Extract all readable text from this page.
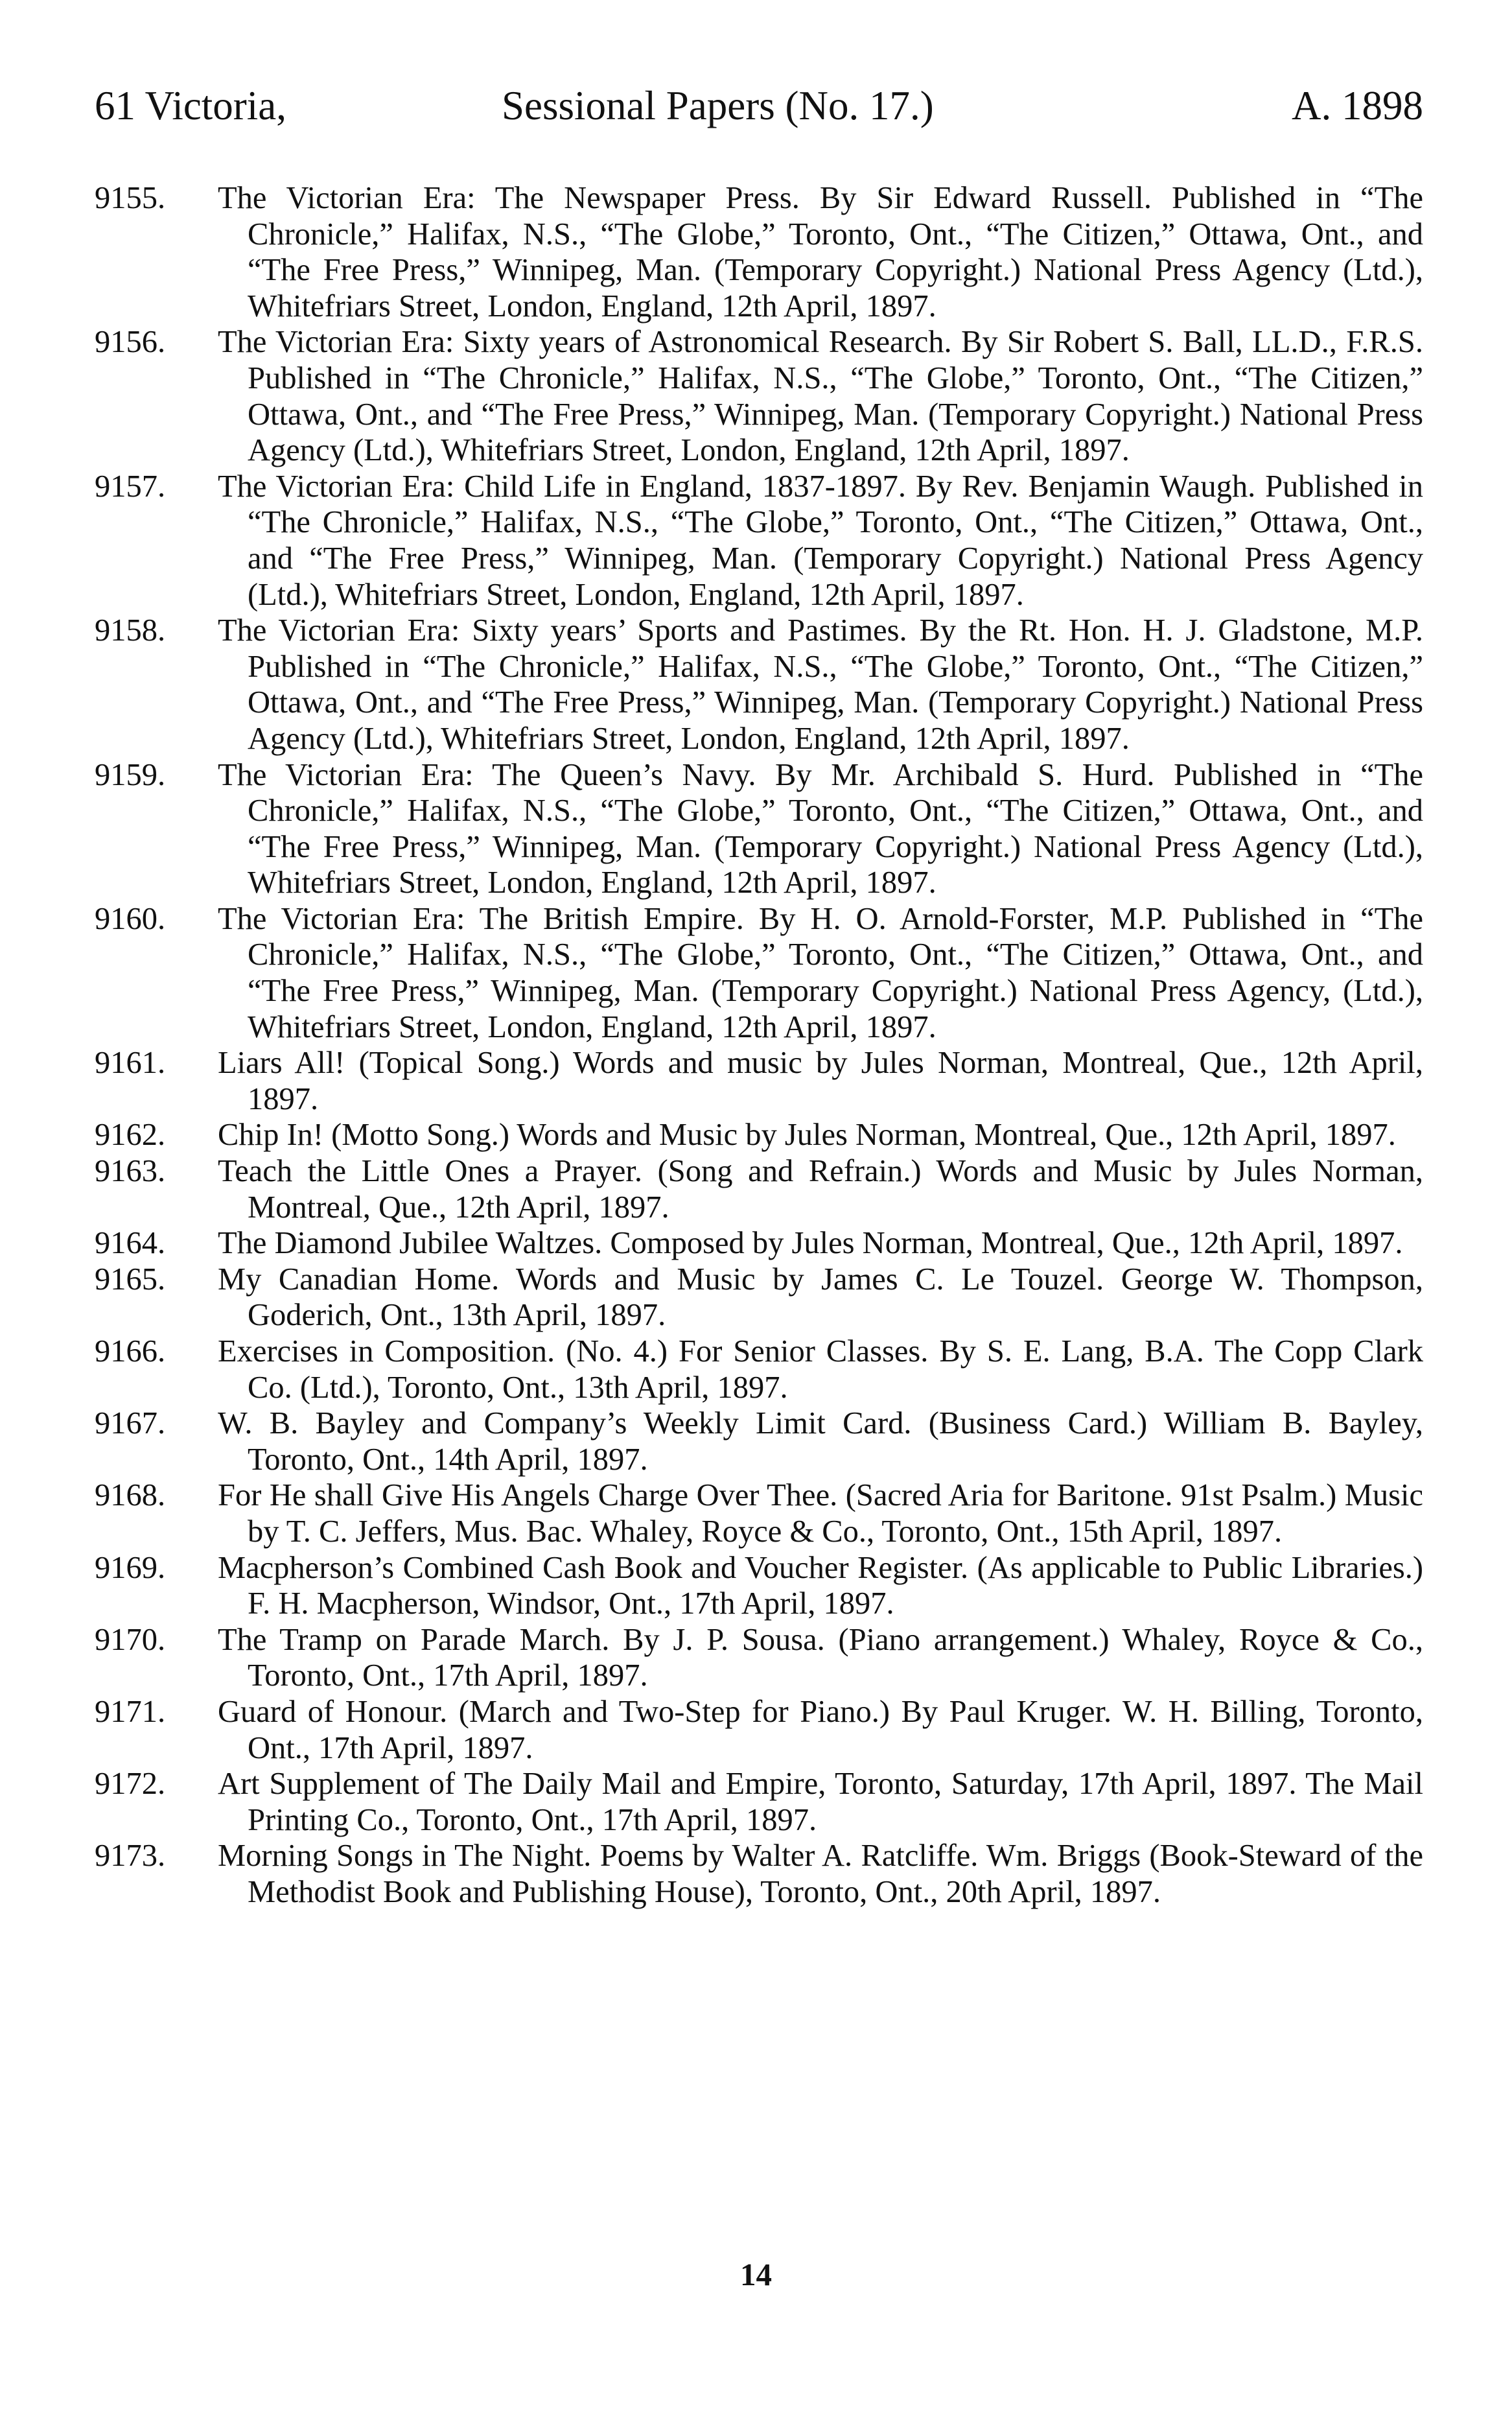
61 Victoria,	Sessional Papers (No. 17.)	A. 1898
9155.	The Victorian Era: The Newspaper Press. By Sir Edward Russell. Published in “The Chronicle,” Halifax, N.S., “The Globe,” Toronto, Ont., “The Citizen,” Ottawa, Ont., and “The Free Press,” Winnipeg, Man. (Temporary Copyright.) National Press Agency (Ltd.), Whitefriars Street, London, England, 12th April, 1897.
9156.	The Victorian Era: Sixty years of Astronomical Research. By Sir Robert S. Ball, LL.D., F.R.S. Published in “The Chronicle,” Halifax, N.S., “The Globe,” Toronto, Ont., “The Citizen,” Ottawa, Ont., and “The Free Press,” Winnipeg, Man. (Temporary Copyright.) National Press Agency (Ltd.), Whitefriars Street, London, England, 12th April, 1897.
9157.	The Victorian Era: Child Life in England, 1837-1897. By Rev. Benjamin Waugh. Published in “The Chronicle,” Halifax, N.S., “The Globe,” Toronto, Ont., “The Citizen,” Ottawa, Ont., and “The Free Press,” Winnipeg, Man. (Temporary Copyright.) National Press Agency (Ltd.), Whitefriars Street, London, England, 12th April, 1897.
9158.	The Victorian Era: Sixty years’ Sports and Pastimes. By the Rt. Hon. H. J. Gladstone, M.P. Published in “The Chronicle,” Halifax, N.S., “The Globe,” Toronto, Ont., “The Citizen,” Ottawa, Ont., and “The Free Press,” Winnipeg, Man. (Temporary Copyright.) National Press Agency (Ltd.), Whitefriars Street, London, England, 12th April, 1897.
9159.	The Victorian Era: The Queen’s Navy. By Mr. Archibald S. Hurd. Published in “The Chronicle,” Halifax, N.S., “The Globe,” Toronto, Ont., “The Citizen,” Ottawa, Ont., and “The Free Press,” Winnipeg, Man. (Temporary Copyright.) National Press Agency (Ltd.), Whitefriars Street, London, England, 12th April, 1897.
9160.	The Victorian Era: The British Empire. By H. O. Arnold-Forster, M.P. Published in “The Chronicle,” Halifax, N.S., “The Globe,” Toronto, Ont., “The Citizen,” Ottawa, Ont., and “The Free Press,” Winnipeg, Man. (Temporary Copyright.) National Press Agency, (Ltd.), Whitefriars Street, London, England, 12th April, 1897.
9161.	Liars All! (Topical Song.) Words and music by Jules Norman, Montreal, Que., 12th April, 1897.
9162.	Chip In! (Motto Song.) Words and Music by Jules Norman, Montreal, Que., 12th April, 1897.
9163.	Teach the Little Ones a Prayer. (Song and Refrain.) Words and Music by Jules Norman, Montreal, Que., 12th April, 1897.
9164.	The Diamond Jubilee Waltzes. Composed by Jules Norman, Montreal, Que., 12th April, 1897.
9165.	My Canadian Home. Words and Music by James C. Le Touzel. George W. Thompson, Goderich, Ont., 13th April, 1897.
9166.	Exercises in Composition. (No. 4.) For Senior Classes. By S. E. Lang, B.A. The Copp Clark Co. (Ltd.), Toronto, Ont., 13th April, 1897.
9167.	W. B. Bayley and Company’s Weekly Limit Card. (Business Card.) William B. Bayley, Toronto, Ont., 14th April, 1897.
9168.	For He shall Give His Angels Charge Over Thee. (Sacred Aria for Baritone. 91st Psalm.) Music by T. C. Jeffers, Mus. Bac. Whaley, Royce & Co., Toronto, Ont., 15th April, 1897.
9169.	Macpherson’s Combined Cash Book and Voucher Register. (As applicable to Public Libraries.) F. H. Macpherson, Windsor, Ont., 17th April, 1897.
9170.	The Tramp on Parade March. By J. P. Sousa. (Piano arrangement.) Whaley, Royce & Co., Toronto, Ont., 17th April, 1897.
9171.	Guard of Honour. (March and Two-Step for Piano.) By Paul Kruger. W. H. Billing, Toronto, Ont., 17th April, 1897.
9172.	Art Supplement of The Daily Mail and Empire, Toronto, Saturday, 17th April, 1897. The Mail Printing Co., Toronto, Ont., 17th April, 1897.
9173.	Morning Songs in The Night. Poems by Walter A. Ratcliffe. Wm. Briggs (Book-Steward of the Methodist Book and Publishing House), Toronto, Ont., 20th April, 1897.
14
